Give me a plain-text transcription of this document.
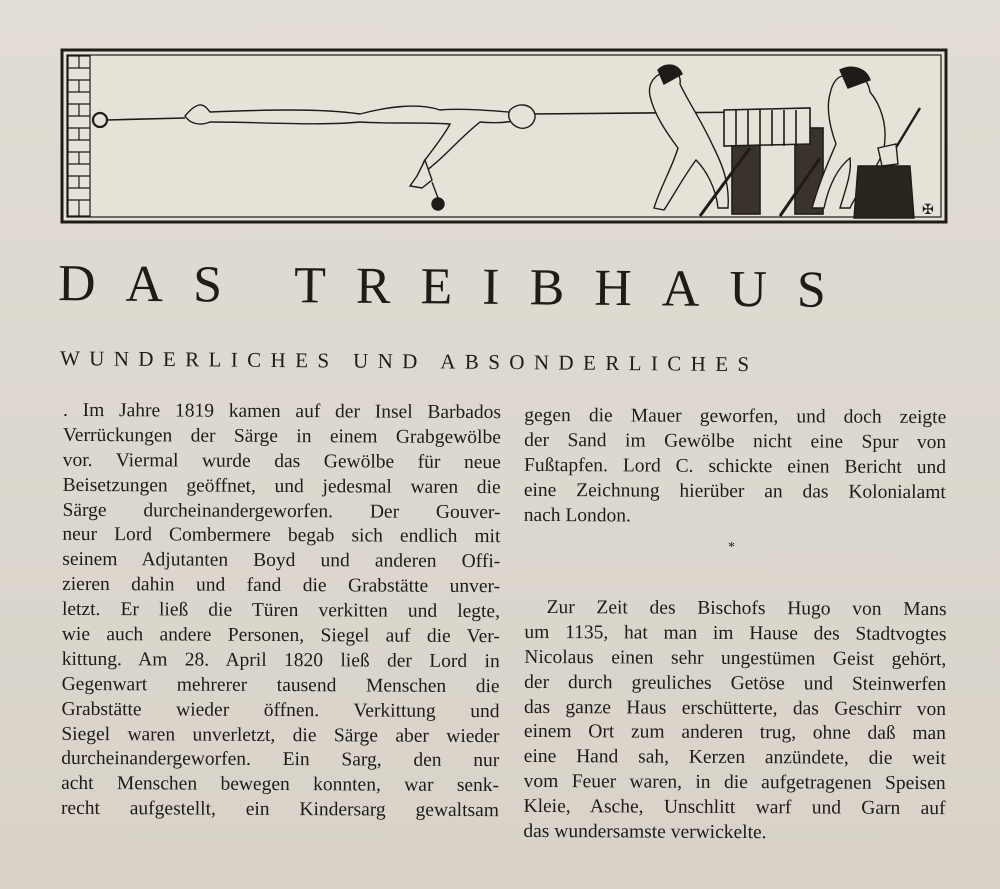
✠
DAS TREIBHAUS
WUNDERLICHES UND ABSONDERLICHES
. Im Jahre 1819 kamen auf der Insel Barbados
Verrückungen der Särge in einem Grabgewölbe
vor. Viermal wurde das Gewölbe für neue
Beisetzungen geöffnet, und jedesmal waren die
Särge durcheinandergeworfen. Der Gouver-
neur Lord Combermere begab sich endlich mit
seinem Adjutanten Boyd und anderen Offi-
zieren dahin und fand die Grabstätte unver-
letzt. Er ließ die Türen verkitten und legte,
wie auch andere Personen, Siegel auf die Ver-
kittung. Am 28. April 1820 ließ der Lord in
Gegenwart mehrerer tausend Menschen die
Grabstätte wieder öffnen. Verkittung und
Siegel waren unverletzt, die Särge aber wieder
durcheinandergeworfen. Ein Sarg, den nur
acht Menschen bewegen konnten, war senk-
recht aufgestellt, ein Kindersarg gewaltsam
gegen die Mauer geworfen, und doch zeigte
der Sand im Gewölbe nicht eine Spur von
Fußtapfen. Lord C. schickte einen Bericht und
eine Zeichnung hierüber an das Kolonialamt
nach London.
*
Zur Zeit des Bischofs Hugo von Mans
um 1135, hat man im Hause des Stadtvogtes
Nicolaus einen sehr ungestümen Geist gehört,
der durch greuliches Getöse und Steinwerfen
das ganze Haus erschütterte, das Geschirr von
einem Ort zum anderen trug, ohne daß man
eine Hand sah, Kerzen anzündete, die weit
vom Feuer waren, in die aufgetragenen Speisen
Kleie, Asche, Unschlitt warf und Garn auf
das wundersamste verwickelte.
